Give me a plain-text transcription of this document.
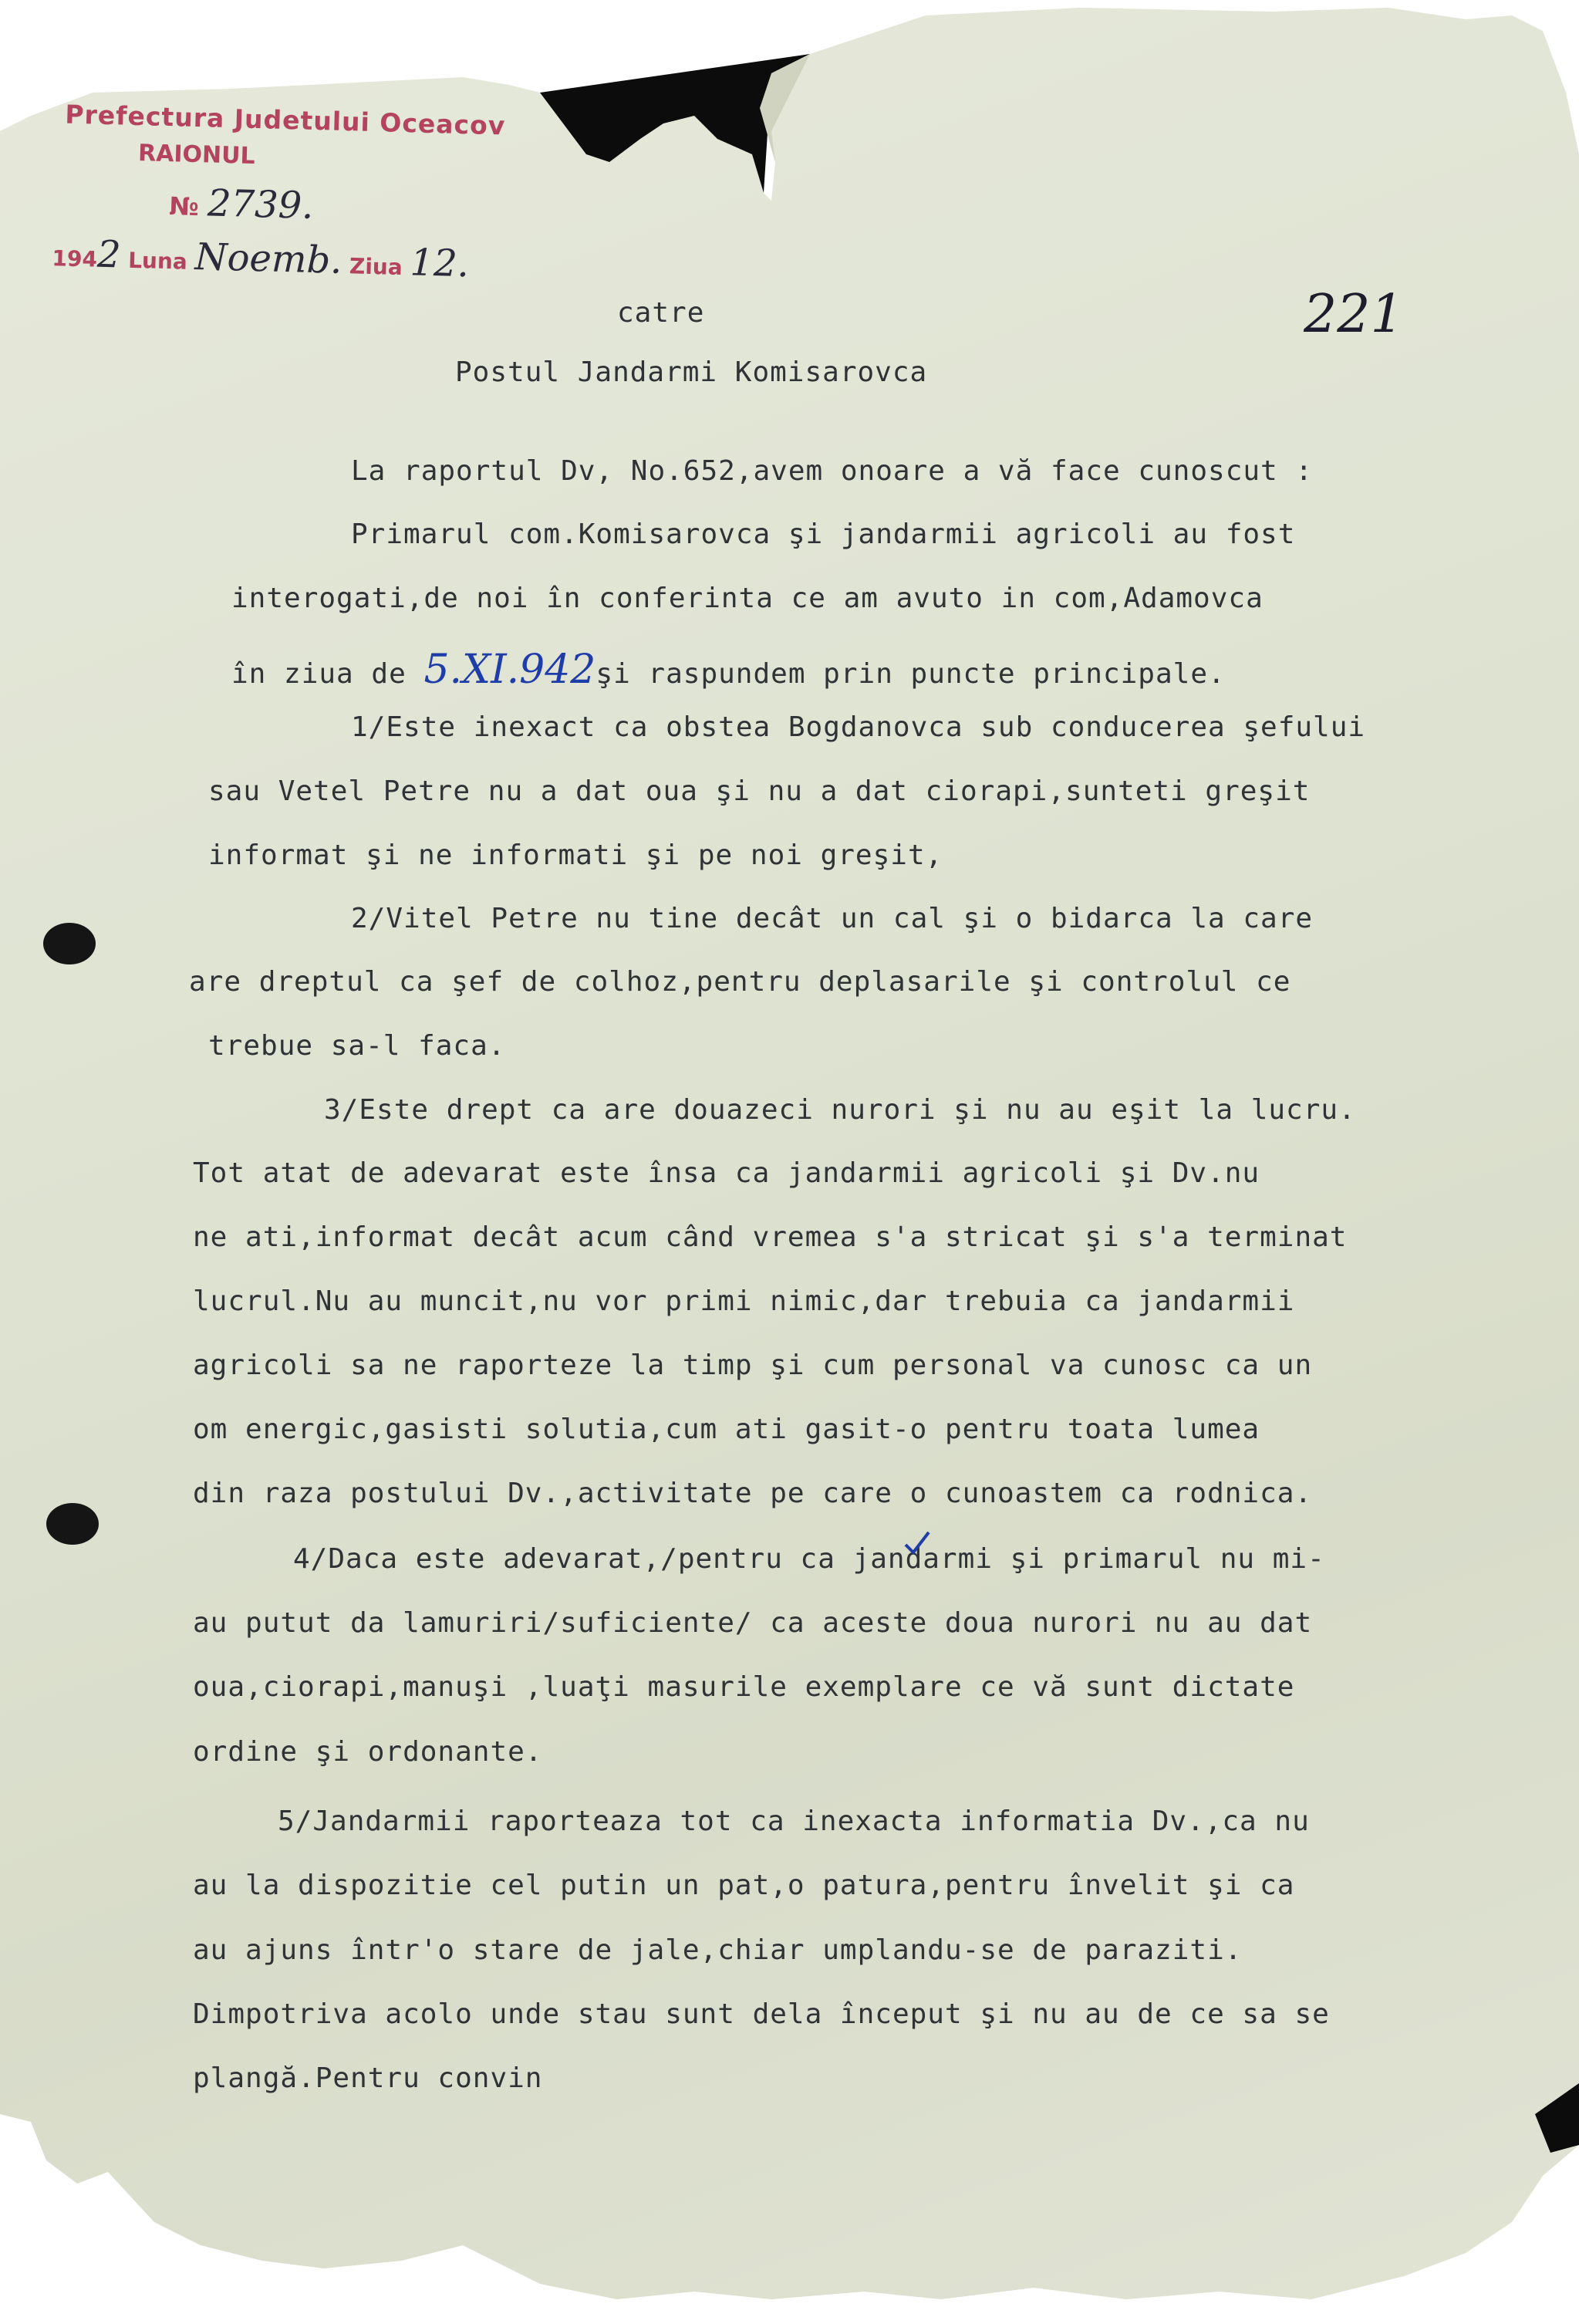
Prefectura Judetului Oceacov
RAIONUL
№ 2739.
1942 Luna Noemb. Ziua 12.
221
catre
Postul Jandarmi Komisarovca
La raportul Dv, No.652,avem onoare a vă face cunoscut :
Primarul com.Komisarovca şi jandarmii agricoli au fost
interogati,de noi în conferinta ce am avuto in com,Adamovca
în ziua de 5.XI.942şi raspundem prin puncte principale.
1/Este inexact ca obstea Bogdanovca sub conducerea şefului
sau Vetel Petre nu a dat oua şi nu a dat ciorapi,sunteti greşit
informat şi ne informati şi pe noi greşit,
2/Vitel Petre nu tine decât un cal şi o bidarca la care
are dreptul ca şef de colhoz,pentru deplasarile şi controlul ce
trebue sa-l faca.
3/Este drept ca are douazeci nurori şi nu au eşit la lucru.
Tot atat de adevarat este însa ca jandarmii agricoli şi Dv.nu
ne ati,informat decât acum când vremea s'a stricat şi s'a terminat
lucrul.Nu au muncit,nu vor primi nimic,dar trebuia ca jandarmii
agricoli sa ne raporteze la timp şi cum personal va cunosc ca un
om energic,gasisti solutia,cum ati gasit-o pentru toata lumea
din raza postului Dv.,activitate pe care o cunoastem ca rodnica.
4/Daca este adevarat,/pentru ca jandarmi şi primarul nu mi-
au putut da lamuriri/suficiente/ ca aceste doua nurori nu au dat
oua,ciorapi,manuşi ,luaţi masurile exemplare ce vă sunt dictate
ordine şi ordonante.
5/Jandarmii raporteaza tot ca inexacta informatia Dv.,ca nu
au la dispozitie cel putin un pat,o patura,pentru învelit şi ca
au ajuns într'o stare de jale,chiar umplandu-se de paraziti.
Dimpotriva acolo unde stau sunt dela început şi nu au de ce sa se
plangă.Pentru convin
